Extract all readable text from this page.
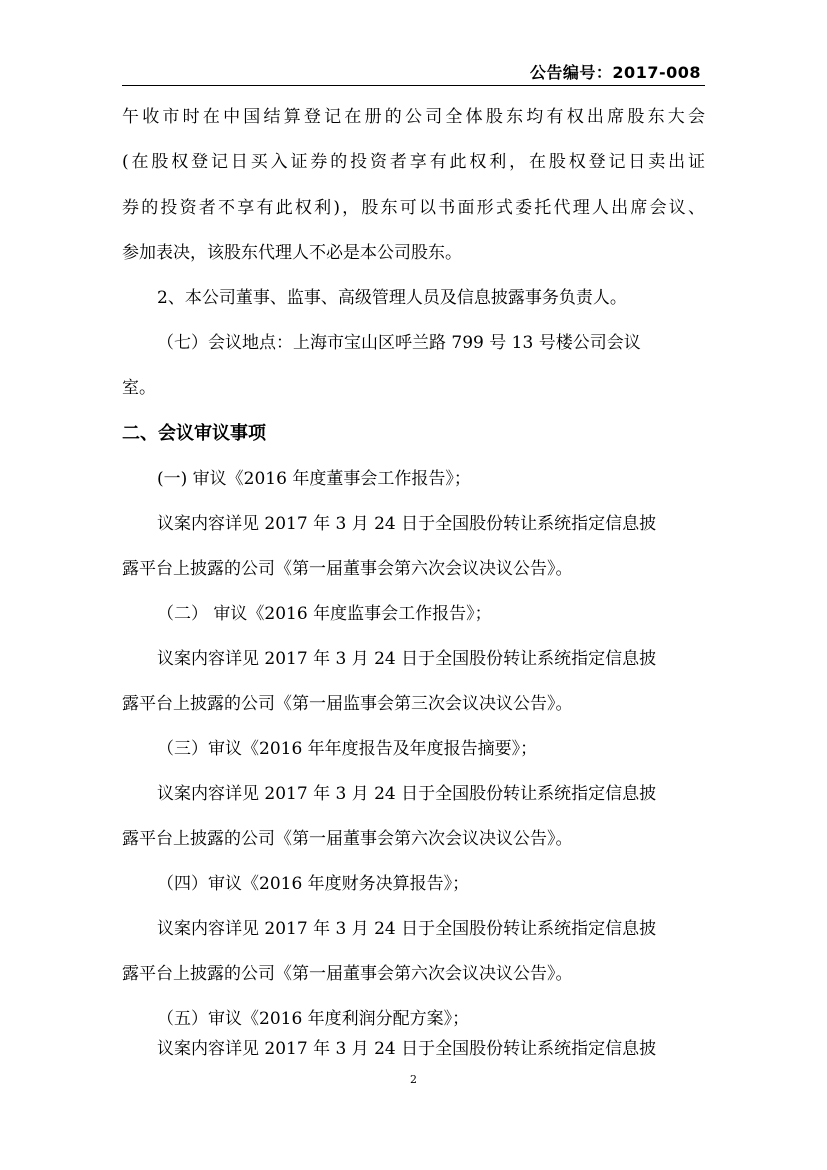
公告编号：2017-008
午收市时在中国结算登记在册的公司全体股东均有权出席股东大会
(在股权登记日买入证券的投资者享有此权利，在股权登记日卖出证
券的投资者不享有此权利)，股东可以书面形式委托代理人出席会议、
参加表决，该股东代理人不必是本公司股东。
2、本公司董事、监事、高级管理人员及信息披露事务负责人。
（七）会议地点：上海市宝山区呼兰路 799 号 13 号楼公司会议
室。
二、会议审议事项
(一) 审议《2016 年度董事会工作报告》；
议案内容详见 2017 年 3 月 24 日于全国股份转让系统指定信息披
露平台上披露的公司《第一届董事会第六次会议决议公告》。
（二） 审议《2016 年度监事会工作报告》；
议案内容详见 2017 年 3 月 24 日于全国股份转让系统指定信息披
露平台上披露的公司《第一届监事会第三次会议决议公告》。
（三）审议《2016 年年度报告及年度报告摘要》；
议案内容详见 2017 年 3 月 24 日于全国股份转让系统指定信息披
露平台上披露的公司《第一届董事会第六次会议决议公告》。
（四）审议《2016 年度财务决算报告》；
议案内容详见 2017 年 3 月 24 日于全国股份转让系统指定信息披
露平台上披露的公司《第一届董事会第六次会议决议公告》。
（五）审议《2016 年度利润分配方案》；
议案内容详见 2017 年 3 月 24 日于全国股份转让系统指定信息披
2
